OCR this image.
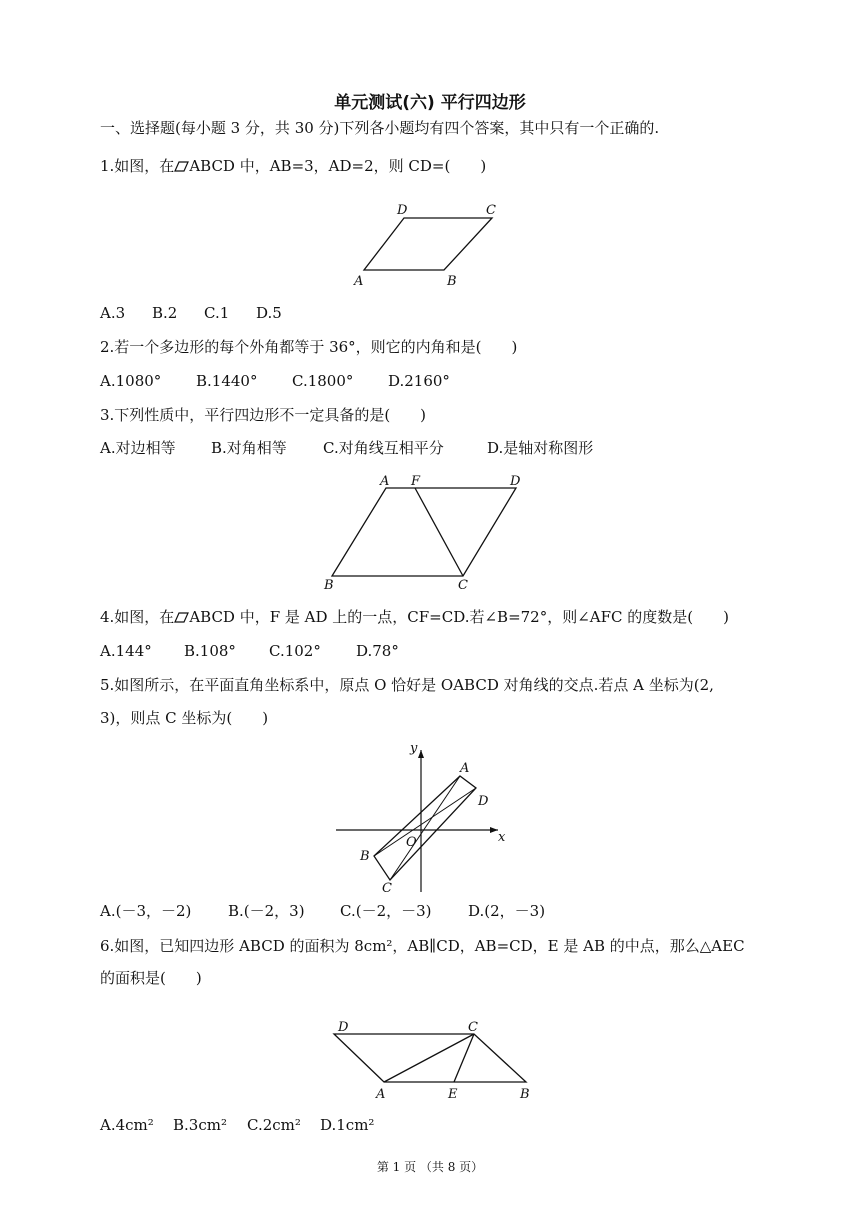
单元测试(六) 平行四边形
一、选择题(每小题 3 分，共 30 分)下列各小题均有四个答案，其中只有一个正确的.
1.如图，在 ABCD 中，AB=3，AD=2，则 CD=(　　)
D	C
A	B
A.3 B.2 C.1 D.5
2.若一个多边形的每个外角都等于 36°，则它的内角和是(　　)
A.1080° B.1440° C.1800° D.2160°
3.下列性质中，平行四边形不一定具备的是(　　)
A.对边相等 B.对角相等 C.对角线互相平分	D.是轴对称图形
A F	D
B	C
4.如图，在 ABCD 中，F 是 AD 上的一点，CF=CD.若∠B=72°，则∠AFC 的度数是(　　)
A.144° B.108° C.102° D.78°
5.如图所示，在平面直角坐标系中，原点 O 恰好是 OABCD 对角线的交点.若点 A 坐标为(2,
3)，则点 C 坐标为(　　)
y
x
O
A
D
B
C
A.(－3，－2) B.(－2，3) C.(－2，－3) D.(2，－3)
6.如图，已知四边形 ABCD 的面积为 8cm²，AB∥CD，AB=CD，E 是 AB 的中点，那么△AEC
的面积是(　　)
D	C
A	E	B
A.4cm² B.3cm² C.2cm² D.1cm²
第 1 页 （共 8 页）
